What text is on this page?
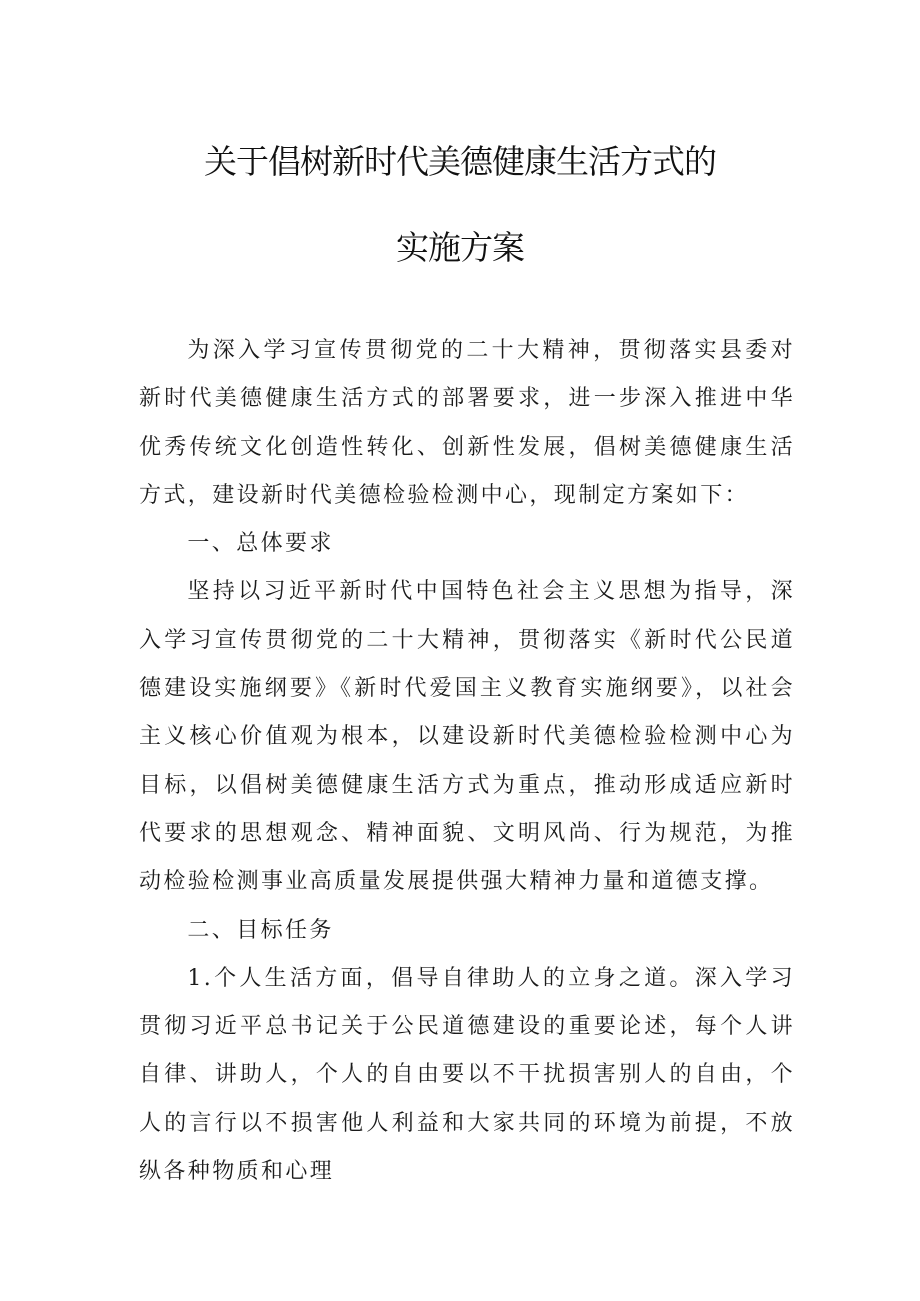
关于倡树新时代美德健康生活方式的
实施方案

为深入学习宣传贯彻党的二十大精神，贯彻落实县委对新时代美德健康生活方式的部署要求，进一步深入推进中华优秀传统文化创造性转化、创新性发展，倡树美德健康生活方式，建设新时代美德检验检测中心，现制定方案如下：

一、总体要求

坚持以习近平新时代中国特色社会主义思想为指导，深入学习宣传贯彻党的二十大精神，贯彻落实《新时代公民道德建设实施纲要》《新时代爱国主义教育实施纲要》，以社会主义核心价值观为根本，以建设新时代美德检验检测中心为目标，以倡树美德健康生活方式为重点，推动形成适应新时代要求的思想观念、精神面貌、文明风尚、行为规范，为推动检验检测事业高质量发展提供强大精神力量和道德支撑。

二、目标任务

1.个人生活方面，倡导自律助人的立身之道。深入学习贯彻习近平总书记关于公民道德建设的重要论述，每个人讲自律、讲助人，个人的自由要以不干扰损害别人的自由，个人的言行以不损害他人利益和大家共同的环境为前提，不放纵各种物质和心理
